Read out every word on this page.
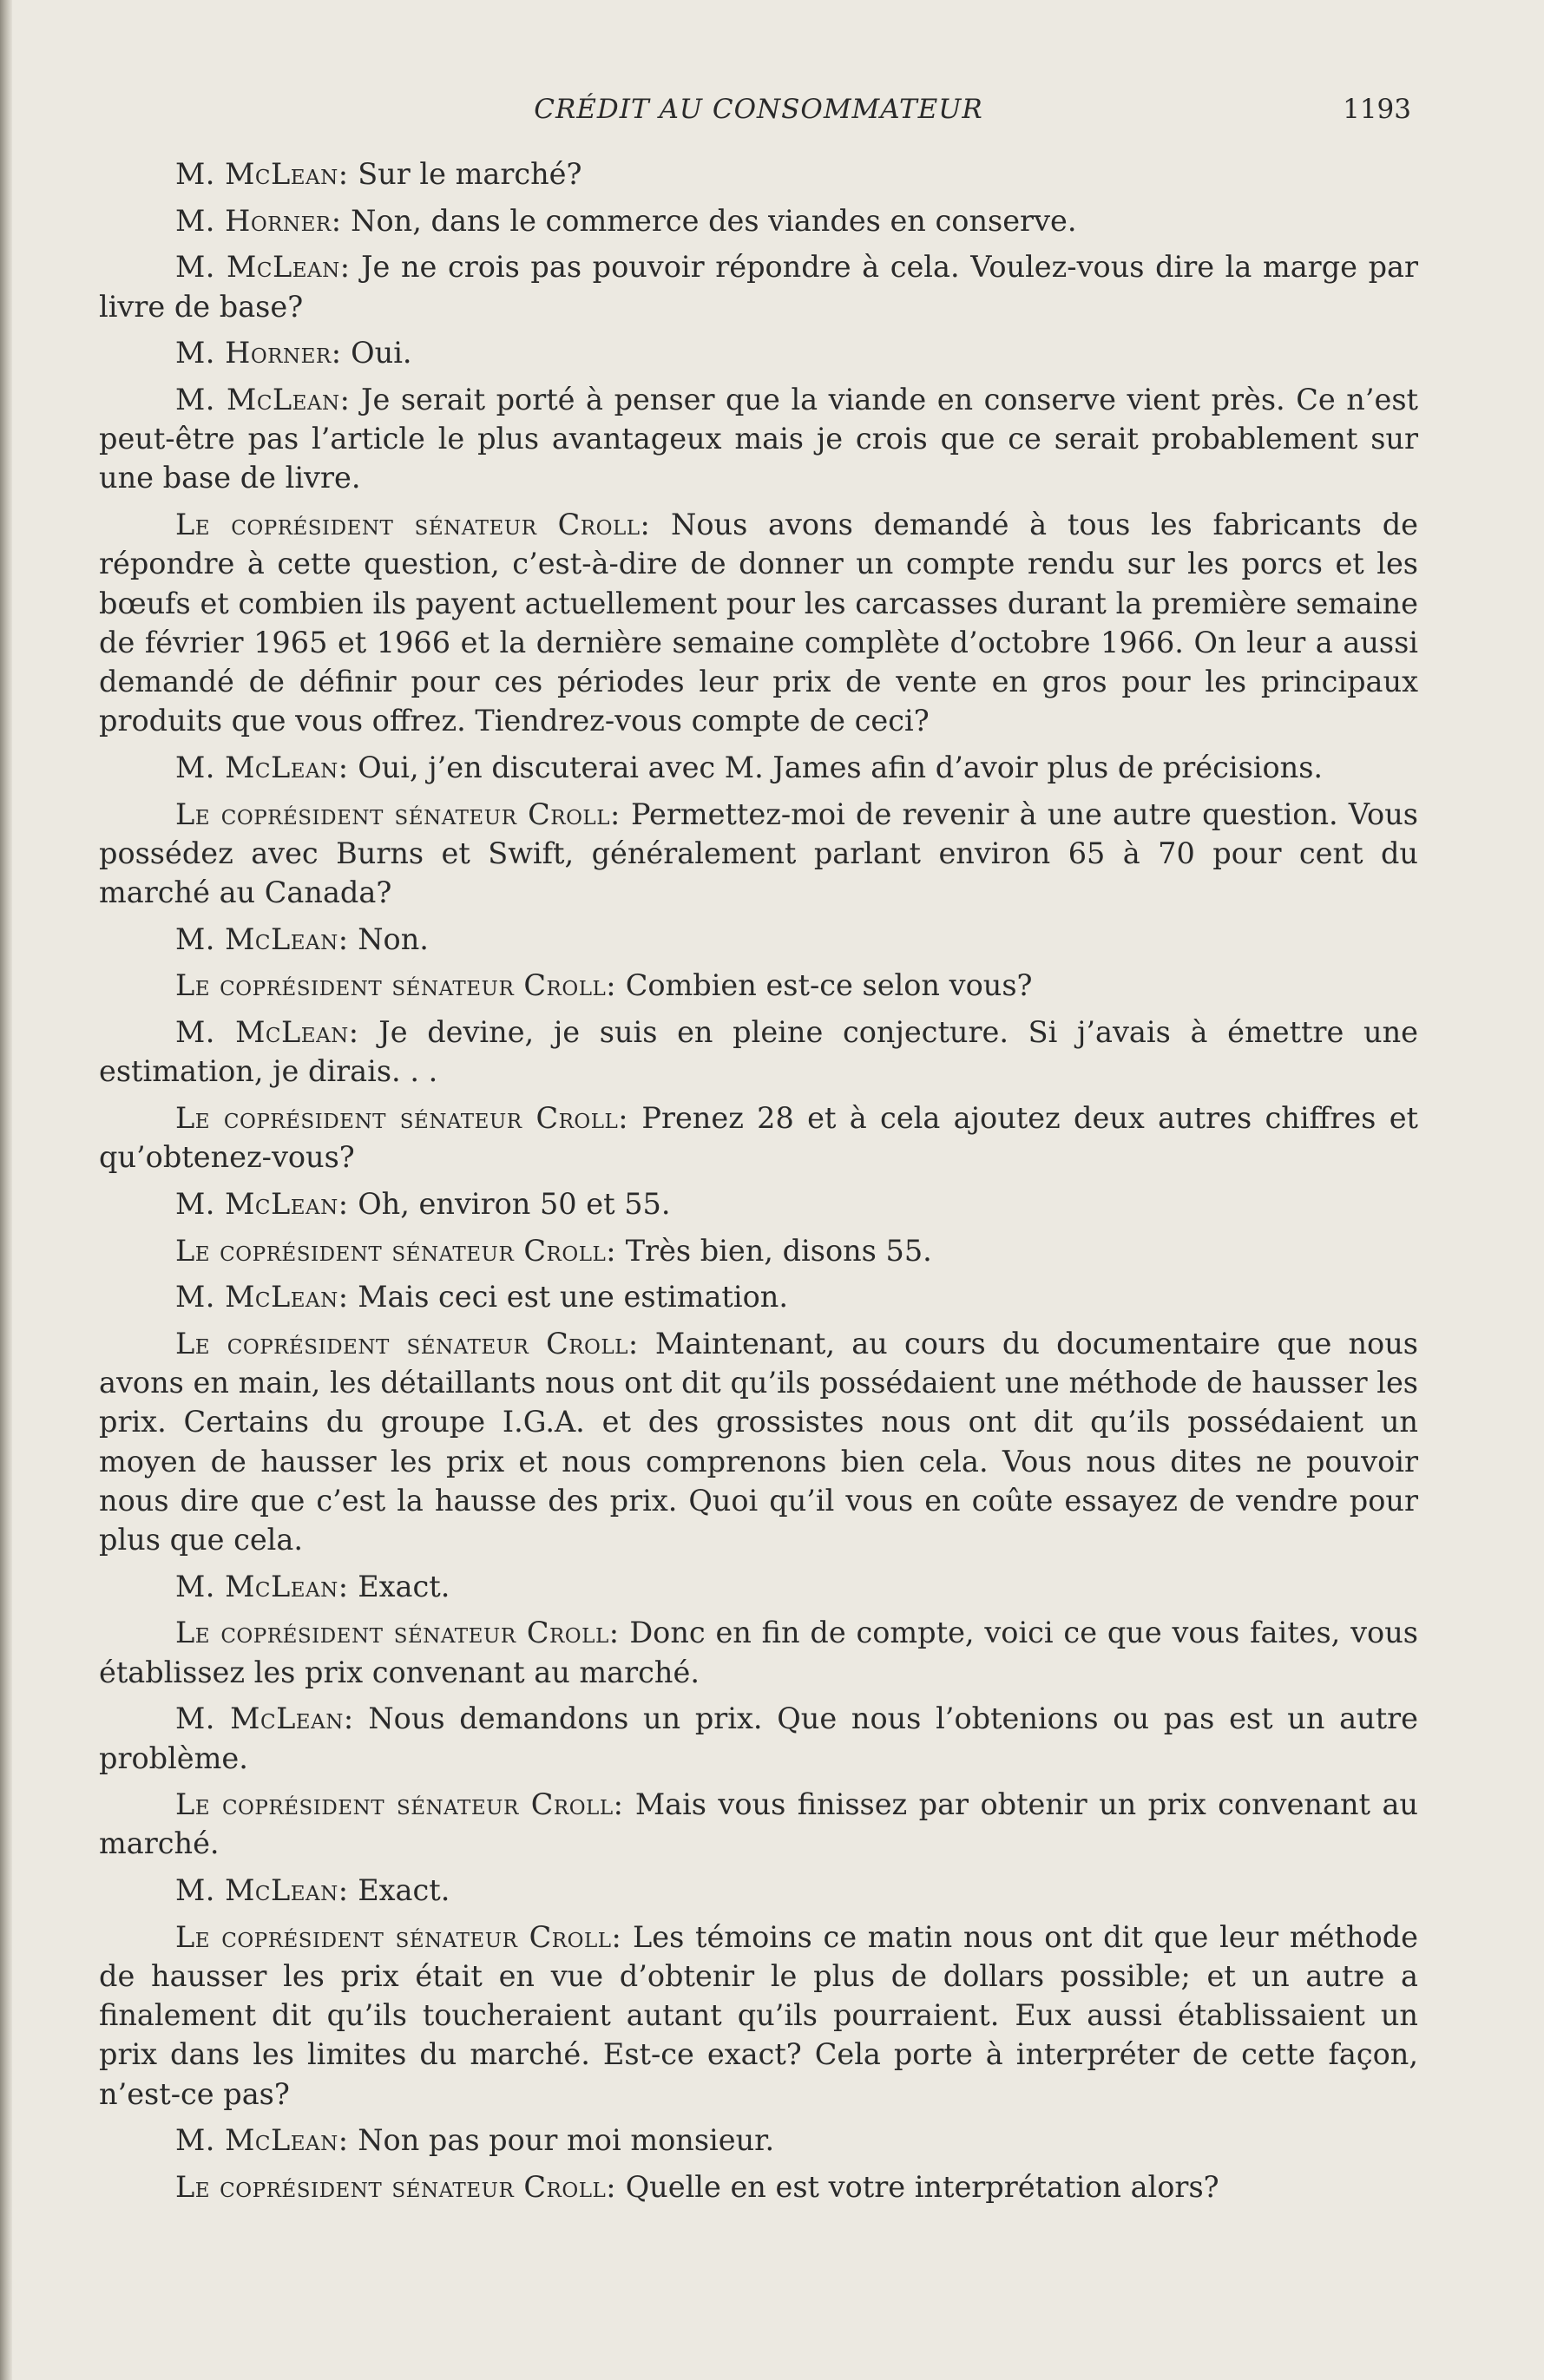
CRÉDIT AU CONSOMMATEUR	1193

M. McLean: Sur le marché?

M. Horner: Non, dans le commerce des viandes en conserve.

M. McLean: Je ne crois pas pouvoir répondre à cela. Voulez-vous dire la marge par livre de base?

M. Horner: Oui.

M. McLean: Je serait porté à penser que la viande en conserve vient près. Ce n’est peut-être pas l’article le plus avantageux mais je crois que ce serait probablement sur une base de livre.

Le coprésident sénateur Croll: Nous avons demandé à tous les fabricants de répondre à cette question, c’est-à-dire de donner un compte rendu sur les porcs et les bœufs et combien ils payent actuellement pour les carcasses durant la première semaine de février 1965 et 1966 et la dernière semaine complète d’octobre 1966. On leur a aussi demandé de définir pour ces périodes leur prix de vente en gros pour les principaux produits que vous offrez. Tiendrez-vous compte de ceci?

M. McLean: Oui, j’en discuterai avec M. James afin d’avoir plus de précisions.

Le coprésident sénateur Croll: Permettez-moi de revenir à une autre question. Vous possédez avec Burns et Swift, généralement parlant environ 65 à 70 pour cent du marché au Canada?

M. McLean: Non.

Le coprésident sénateur Croll: Combien est-ce selon vous?

M. McLean: Je devine, je suis en pleine conjecture. Si j’avais à émettre une estimation, je dirais. . .

Le coprésident sénateur Croll: Prenez 28 et à cela ajoutez deux autres chiffres et qu’obtenez-vous?

M. McLean: Oh, environ 50 et 55.

Le coprésident sénateur Croll: Très bien, disons 55.

M. McLean: Mais ceci est une estimation.

Le coprésident sénateur Croll: Maintenant, au cours du documentaire que nous avons en main, les détaillants nous ont dit qu’ils possédaient une méthode de hausser les prix. Certains du groupe I.G.A. et des grossistes nous ont dit qu’ils possédaient un moyen de hausser les prix et nous comprenons bien cela. Vous nous dites ne pouvoir nous dire que c’est la hausse des prix. Quoi qu’il vous en coûte essayez de vendre pour plus que cela.

M. McLean: Exact.

Le coprésident sénateur Croll: Donc en fin de compte, voici ce que vous faites, vous établissez les prix convenant au marché.

M. McLean: Nous demandons un prix. Que nous l’obtenions ou pas est un autre problème.

Le coprésident sénateur Croll: Mais vous finissez par obtenir un prix convenant au marché.

M. McLean: Exact.

Le coprésident sénateur Croll: Les témoins ce matin nous ont dit que leur méthode de hausser les prix était en vue d’obtenir le plus de dollars possible; et un autre a finalement dit qu’ils toucheraient autant qu’ils pourraient. Eux aussi établissaient un prix dans les limites du marché. Est-ce exact? Cela porte à interpréter de cette façon, n’est-ce pas?

M. McLean: Non pas pour moi monsieur.

Le coprésident sénateur Croll: Quelle en est votre interprétation alors?
